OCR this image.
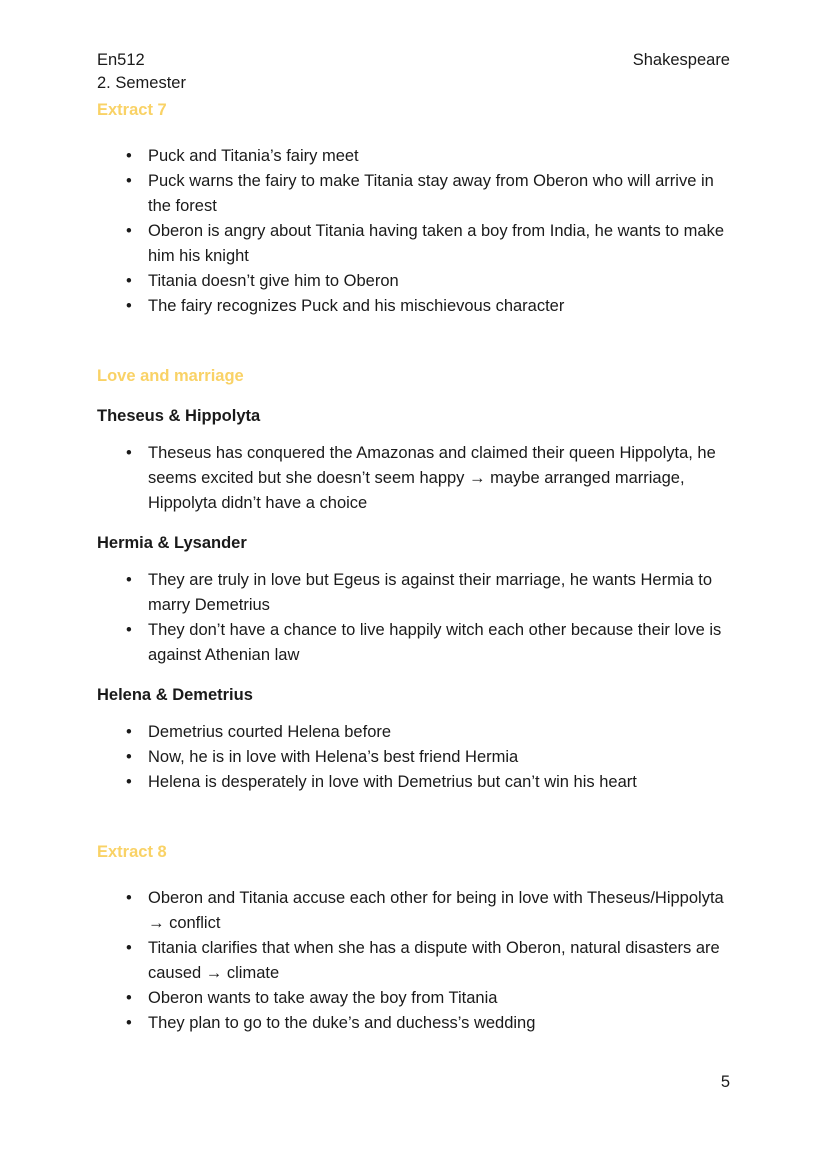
En512	Shakespeare
2. Semester
Extract 7
• Puck and Titania’s fairy meet
• Puck warns the fairy to make Titania stay away from Oberon who will arrive in the forest
• Oberon is angry about Titania having taken a boy from India, he wants to make him his knight
• Titania doesn’t give him to Oberon
• The fairy recognizes Puck and his mischievous character
Love and marriage
Theseus & Hippolyta
• Theseus has conquered the Amazonas and claimed their queen Hippolyta, he seems excited but she doesn’t seem happy → maybe arranged marriage, Hippolyta didn’t have a choice
Hermia & Lysander
• They are truly in love but Egeus is against their marriage, he wants Hermia to marry Demetrius
• They don’t have a chance to live happily witch each other because their love is against Athenian law
Helena & Demetrius
• Demetrius courted Helena before
• Now, he is in love with Helena’s best friend Hermia
• Helena is desperately in love with Demetrius but can’t win his heart
Extract 8
• Oberon and Titania accuse each other for being in love with Theseus/Hippolyta → conflict
• Titania clarifies that when she has a dispute with Oberon, natural disasters are caused → climate
• Oberon wants to take away the boy from Titania
• They plan to go to the duke’s and duchess’s wedding
5
